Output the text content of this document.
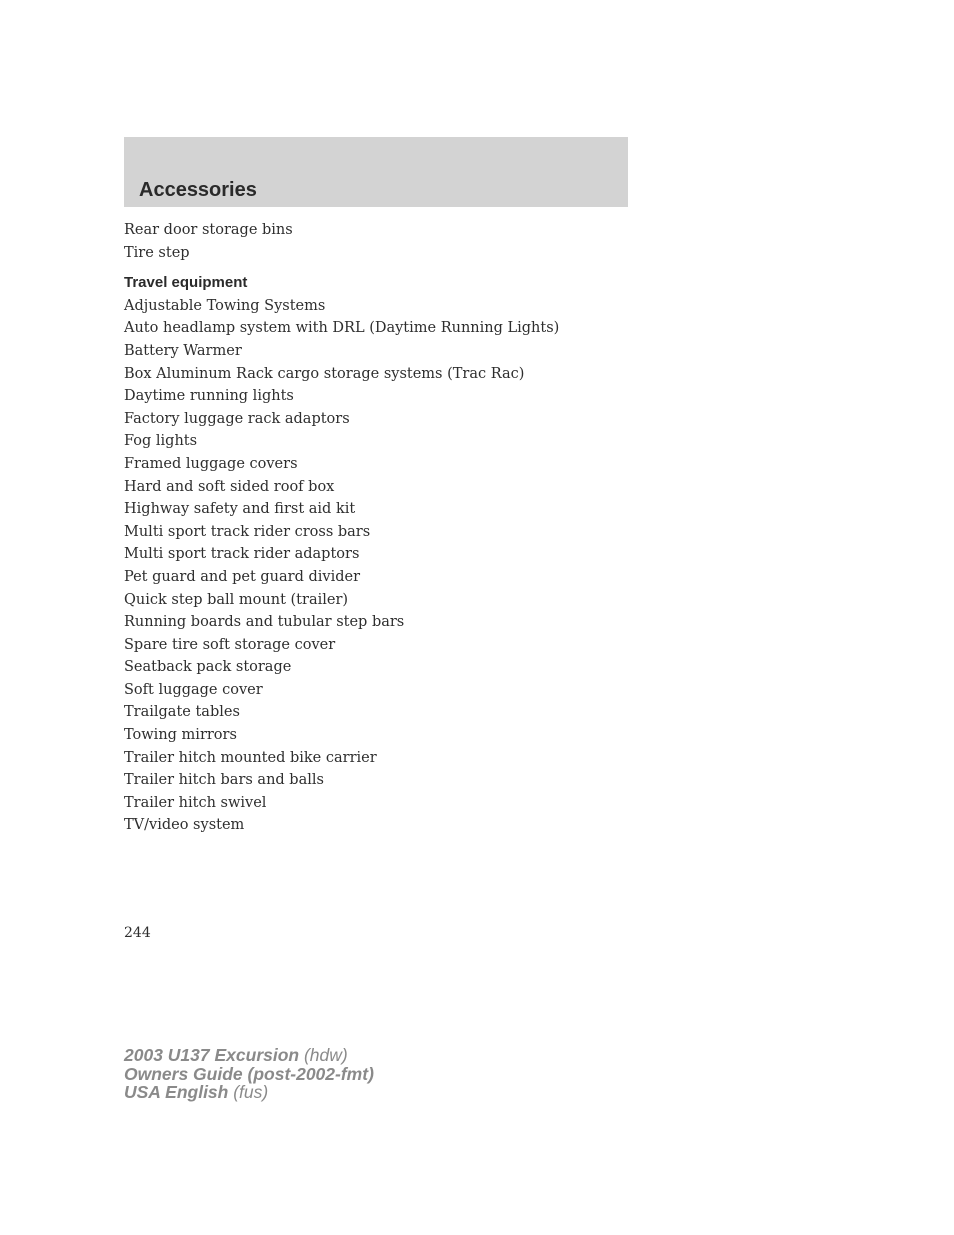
Accessories
Rear door storage bins
Tire step
Travel equipment
Adjustable Towing Systems
Auto headlamp system with DRL (Daytime Running Lights)
Battery Warmer
Box Aluminum Rack cargo storage systems (Trac Rac)
Daytime running lights
Factory luggage rack adaptors
Fog lights
Framed luggage covers
Hard and soft sided roof box
Highway safety and first aid kit
Multi sport track rider cross bars
Multi sport track rider adaptors
Pet guard and pet guard divider
Quick step ball mount (trailer)
Running boards and tubular step bars
Spare tire soft storage cover
Seatback pack storage
Soft luggage cover
Trailgate tables
Towing mirrors
Trailer hitch mounted bike carrier
Trailer hitch bars and balls
Trailer hitch swivel
TV/video system
244
2003 U137 Excursion (hdw)
Owners Guide (post-2002-fmt)
USA English (fus)
